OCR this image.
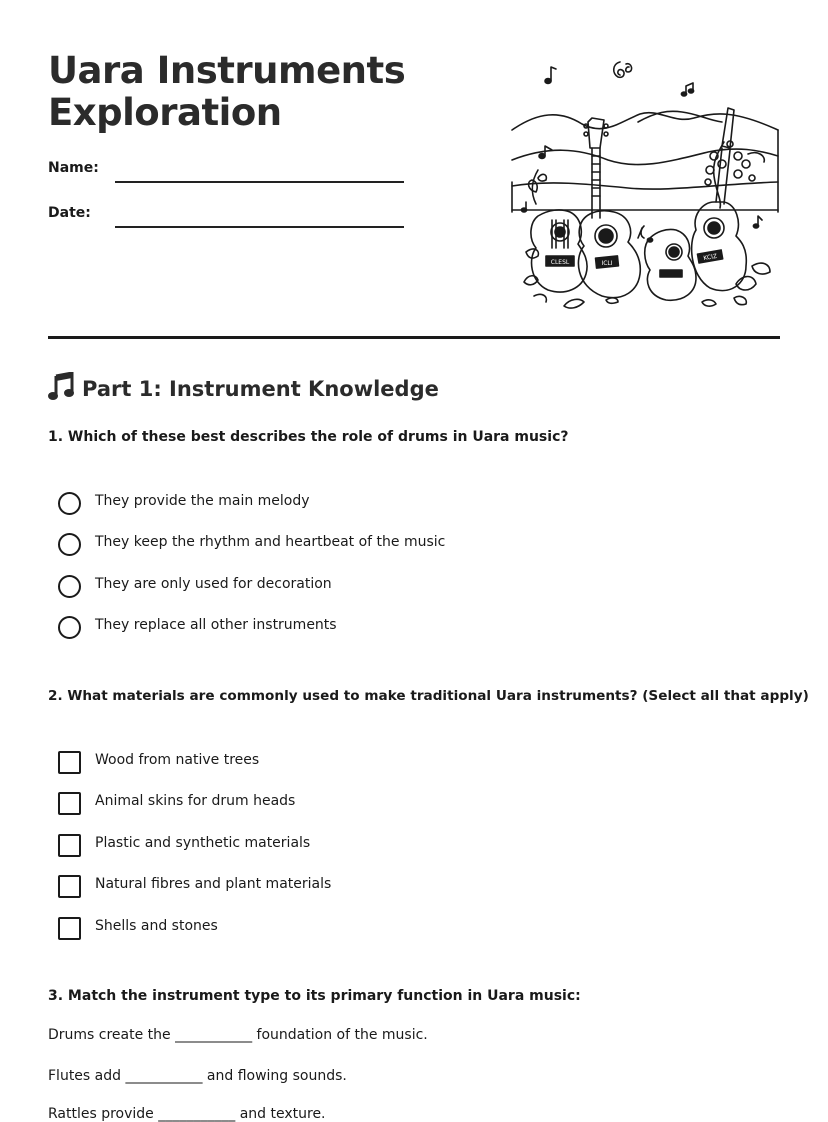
Uara Instruments
Exploration
Name:
Date:
CLESL	ICLI
KCIZ
Part 1: Instrument Knowledge
1. Which of these best describes the role of drums in Uara music?
They provide the main melody
They keep the rhythm and heartbeat of the music
They are only used for decoration
They replace all other instruments
2. What materials are commonly used to make traditional Uara instruments? (Select all that apply)
Wood from native trees
Animal skins for drum heads
Plastic and synthetic materials
Natural fibres and plant materials
Shells and stones
3. Match the instrument type to its primary function in Uara music:
Drums create the ___________ foundation of the music.
Flutes add ___________ and flowing sounds.
Rattles provide ___________ and texture.
